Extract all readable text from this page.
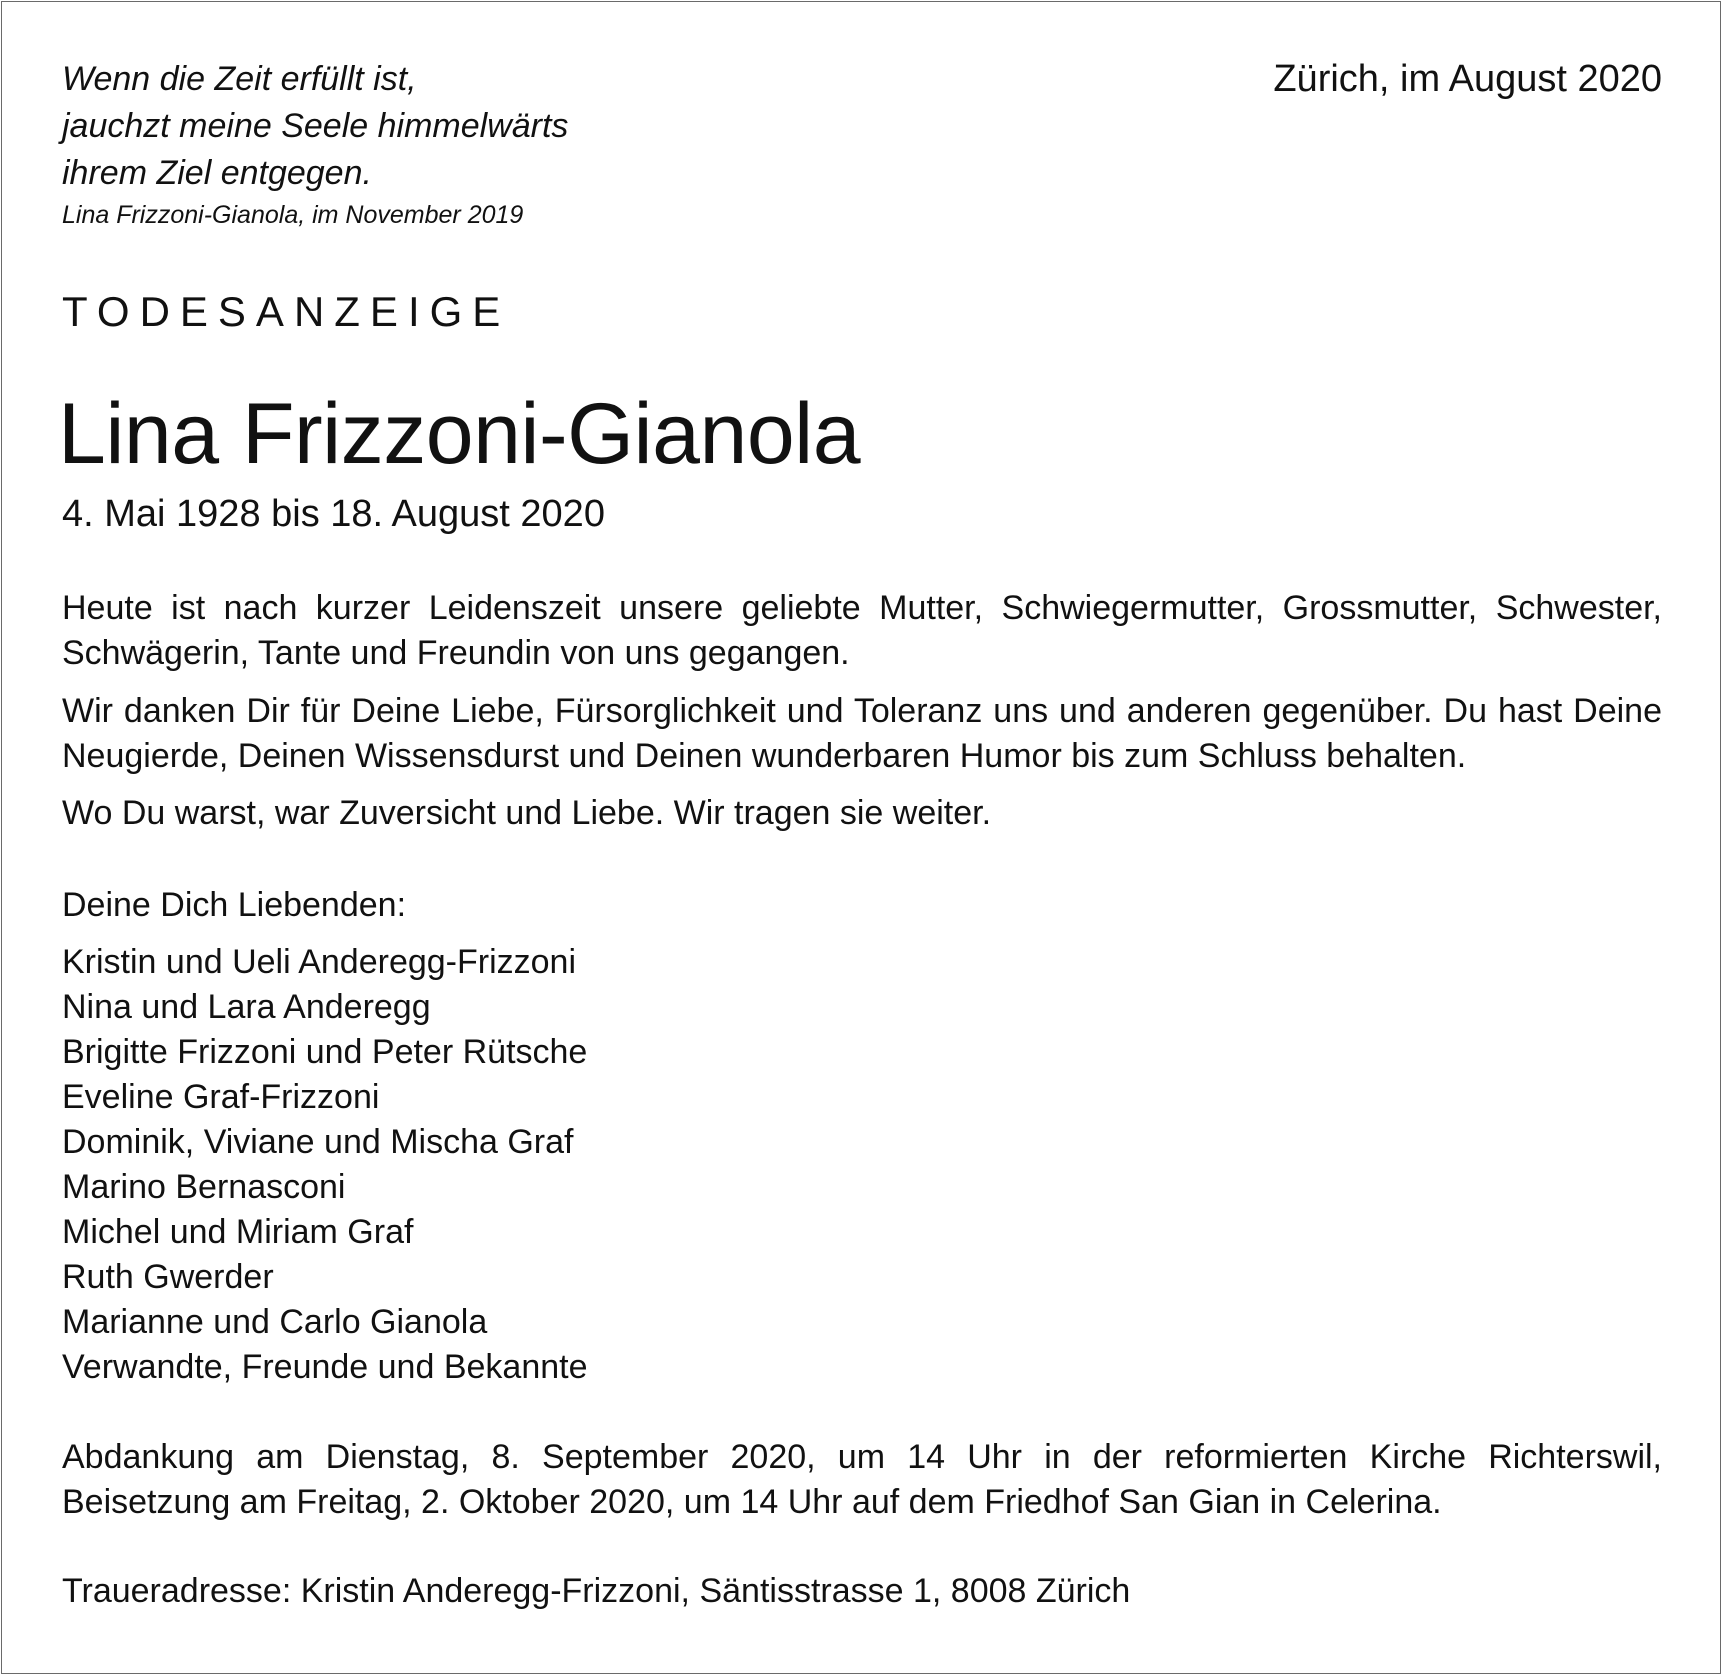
Wenn die Zeit erfüllt ist,
jauchzt meine Seele himmelwärts
ihrem Ziel entgegen.
Lina Frizzoni-Gianola, im November 2019
Zürich, im August 2020
TODESANZEIGE
Lina Frizzoni-Gianola
4. Mai 1928 bis 18. August 2020
Heute ist nach kurzer Leidenszeit unsere geliebte Mutter, Schwiegermutter, Grossmutter, Schwester, Schwägerin, Tante und Freundin von uns gegangen.
Wir danken Dir für Deine Liebe, Fürsorglichkeit und Toleranz uns und anderen gegenüber. Du hast Deine Neugierde, Deinen Wissensdurst und Deinen wunderbaren Humor bis zum Schluss behalten.
Wo Du warst, war Zuversicht und Liebe. Wir tragen sie weiter.
Deine Dich Liebenden:
Kristin und Ueli Anderegg-Frizzoni
Nina und Lara Anderegg
Brigitte Frizzoni und Peter Rütsche
Eveline Graf-Frizzoni
Dominik, Viviane und Mischa Graf
Marino Bernasconi
Michel und Miriam Graf
Ruth Gwerder
Marianne und Carlo Gianola
Verwandte, Freunde und Bekannte
Abdankung am Dienstag, 8. September 2020, um 14 Uhr in der reformierten Kirche Richterswil,
Beisetzung am Freitag, 2. Oktober 2020, um 14 Uhr auf dem Friedhof San Gian in Celerina.
Traueradresse: Kristin Anderegg-Frizzoni, Säntisstrasse 1, 8008 Zürich
